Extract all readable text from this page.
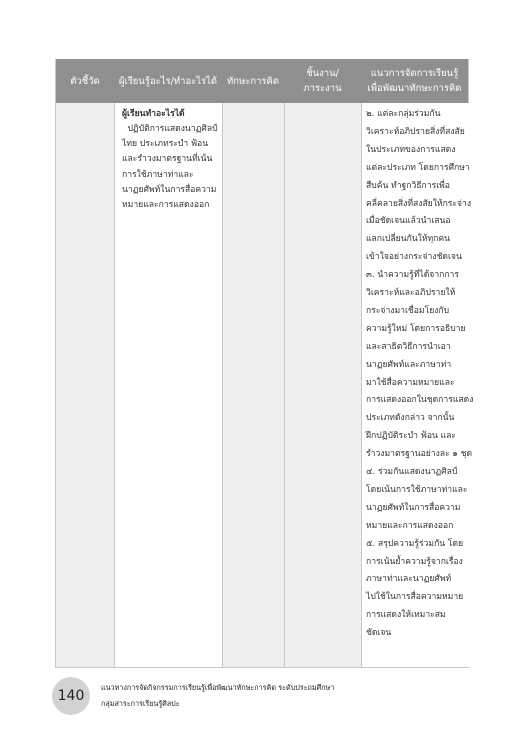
ตัวชี้วัด	ผู้เรียนรู้อะไร/ทำอะไรได้	ทักษะการคิด
ชิ้นงาน/
ภาระงาน
แนวการจัดการเรียนรู้
เพื่อพัฒนาทักษะการคิด
ผู้เรียนทำอะไรได้
ปฏิบัติการแสดงนาฏศิลป์
ไทย ประเภทระบำ ฟ้อน
และรำวงมาตรฐานที่เน้น
การใช้ภาษาท่าและ
นาฏยศัพท์ในการสื่อความ
หมายและการแสดงออก
๒. แต่ละกลุ่มร่วมกัน
วิเคราะห์อภิปรายสิ่งที่สงสัย
ในประเภทของการแสดง
แต่ละประเภท โดยการศึกษา
สืบค้น ทำฐกวิธีการเพื่อ
คลี่คลายสิ่งที่สงสัยให้กระจ่าง
เมื่อชัดเจนแล้วนำเสนอ
แลกเปลี่ยนกันให้ทุกคน
เข้าใจอย่างกระจ่างชัดเจน
๓. นำความรู้ที่ได้จากการ
วิเคราะห์และอภิปรายให้
กระจ่างมาเชื่อมโยงกับ
ความรู้ใหม่ โดยการอธิบาย
และสาธิตวิธีการนำเอา
นาฏยศัพท์และภาษาท่า
มาใช้สื่อความหมายและ
การแสดงออกในชุดการแสดง
ประเภทดังกล่าว จากนั้น
ฝึกปฏิบัติระบำ ฟ้อน และ
รำวงมาตรฐานอย่างละ ๑ ชุด
๔. ร่วมกันแสดงนาฏศิลป์
โดยเน้นการใช้ภาษาท่าและ
นาฏยศัพท์ในการสื่อความ
หมายและการแสดงออก
๕. สรุปความรู้ร่วมกัน โดย
การเน้นย้ำความรู้จากเรื่อง
ภาษาท่าและนาฏยศัพท์
ไปใช้ในการสื่อความหมาย
การแสดงให้เหมาะสม
ชัดเจน
140
แนวทางการจัดกิจกรรมการเรียนรู้เพื่อพัฒนาทักษะการคิด ระดับประถมศึกษา
กลุ่มสาระการเรียนรู้ศิลปะ
